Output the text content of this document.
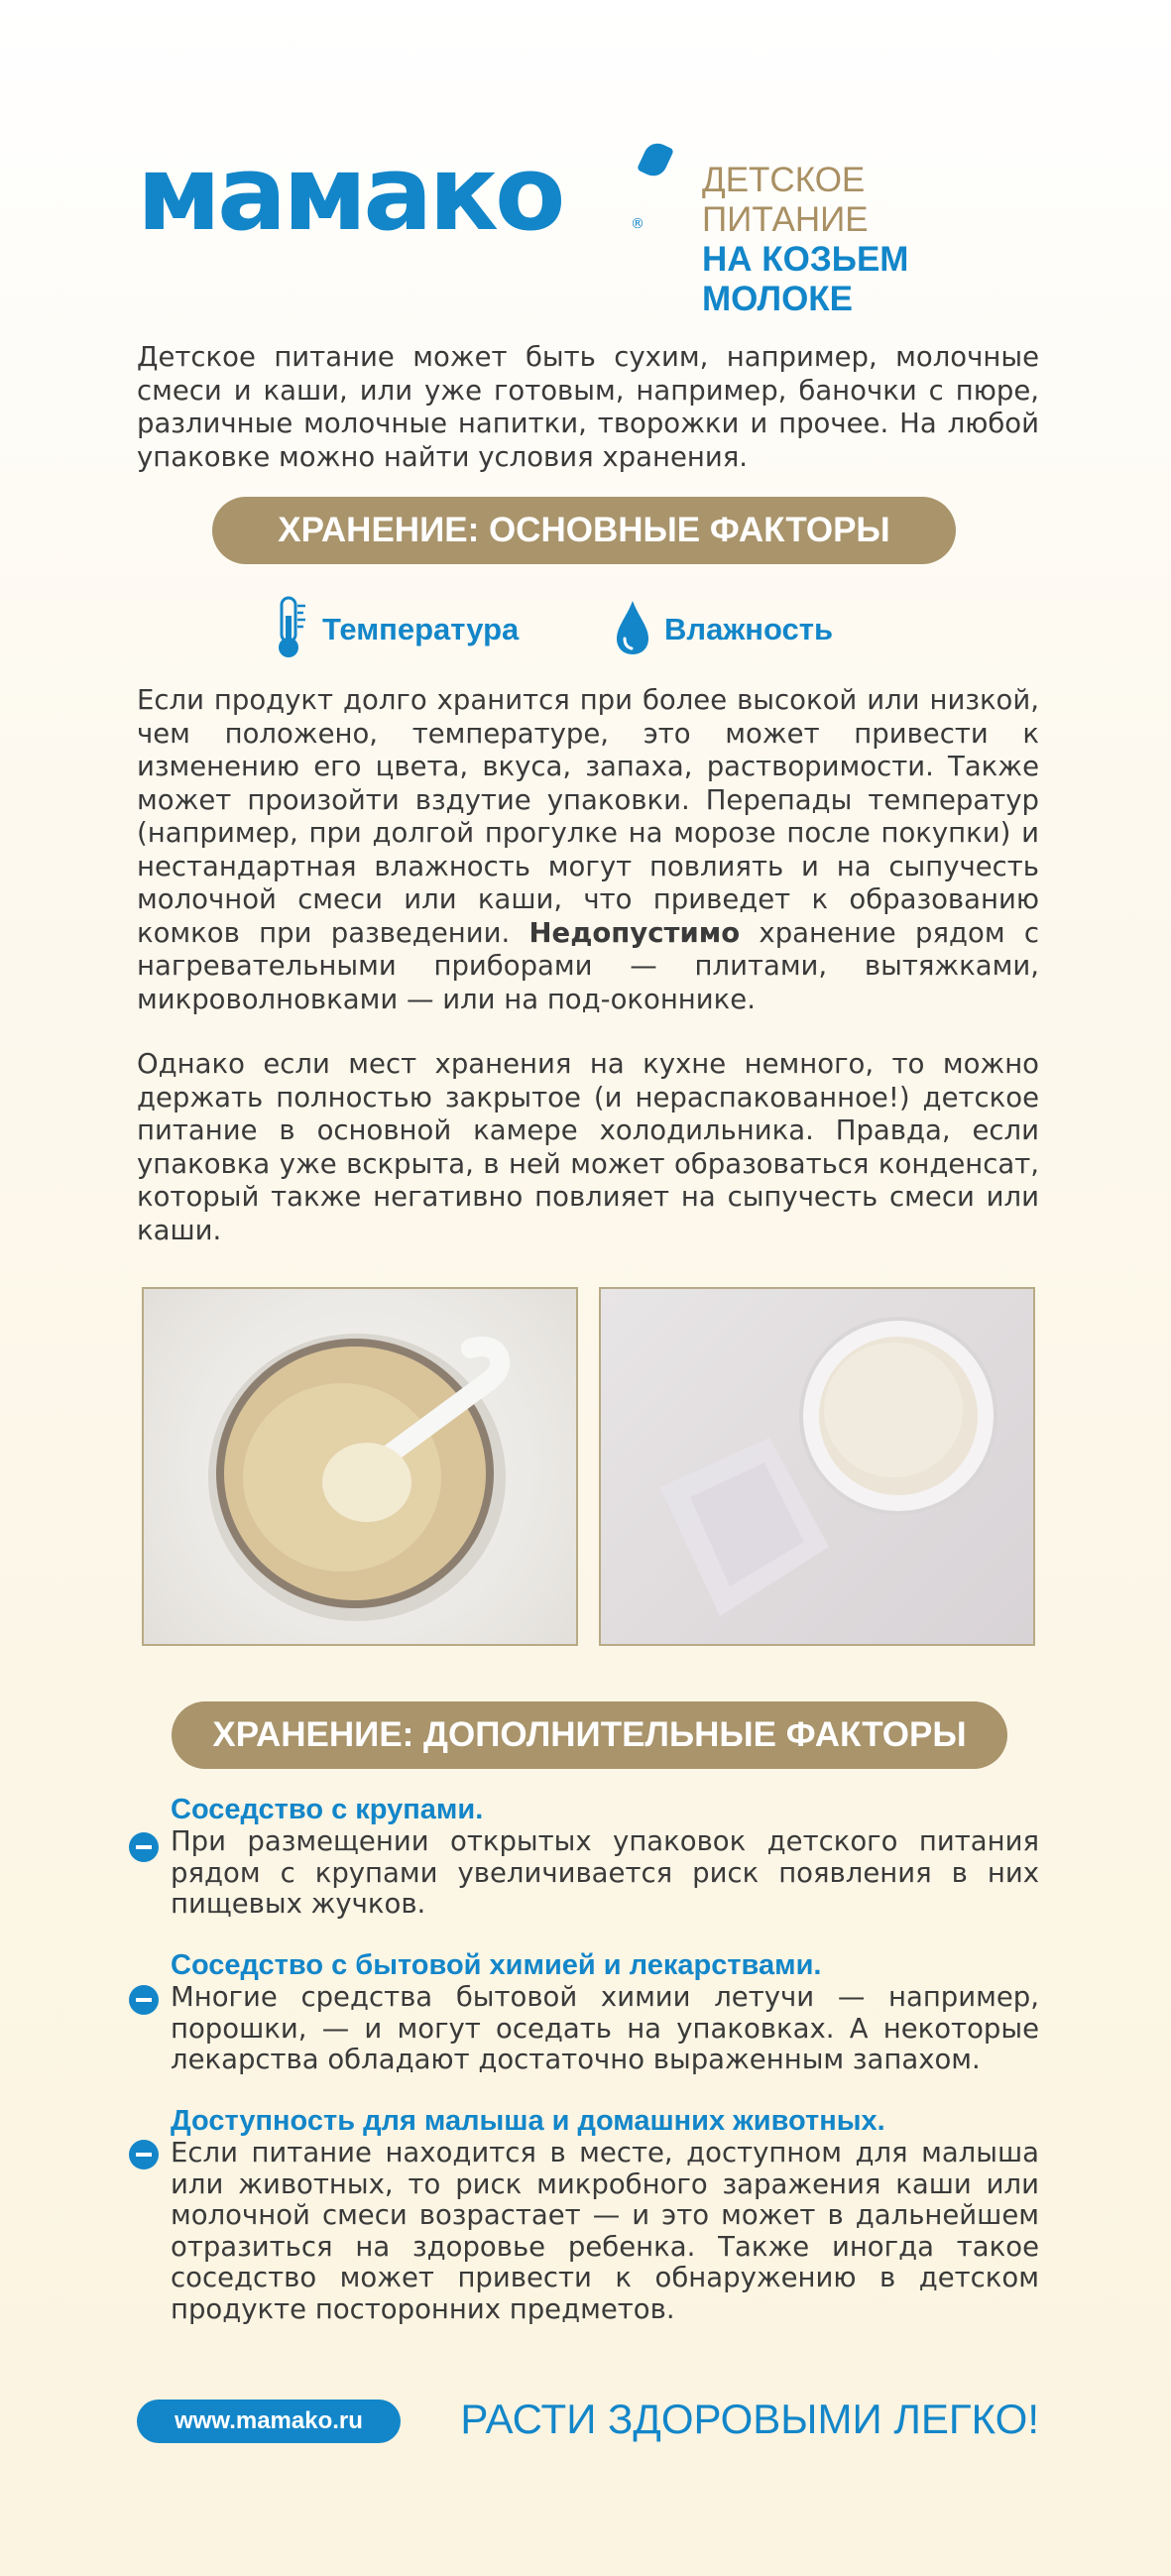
мамако	®
ДЕТСКОЕ ПИТАНИЕ
НА КОЗЬЕМ МОЛОКЕ

Детское питание может быть сухим, например, молочные смеси и каши, или уже готовым, например, баночки с пюре, различные молочные напитки, творожки и прочее. На любой упаковке можно найти условия хранения.

ХРАНЕНИЕ: ОСНОВНЫЕ ФАКТОРЫ
Температура	Влажность

Если продукт долго хранится при более высокой или низкой, чем положено, температуре, это может привести к изменению его цвета, вкуса, запаха, растворимости. Также может произойти вздутие упаковки. Перепады температур (например, при долгой прогулке на морозе после покупки) и нестандартная влажность могут повлиять и на сыпучесть молочной смеси или каши, что приведет к образованию комков при разведении. Недопустимо хранение рядом с нагревательными приборами — плитами, вытяжками, микроволновками — или на под-оконнике.

Однако если мест хранения на кухне немного, то можно держать полностью закрытое (и нераспакованное!) детское питание в основной камере холодильника. Правда, если упаковка уже вскрыта, в ней может образоваться конденсат, который также негативно повлияет на сыпучесть смеси или каши.

ХРАНЕНИЕ: ДОПОЛНИТЕЛЬНЫЕ ФАКТОРЫ
Соседство с крупами.
При размещении открытых упаковок детского питания рядом с крупами увеличивается риск появления в них пищевых жучков.
Соседство с бытовой химией и лекарствами.
Многие средства бытовой химии летучи — например, порошки, — и могут оседать на упаковках. А некоторые лекарства обладают достаточно выраженным запахом.
Доступность для малыша и домашних животных.
Если питание находится в месте, доступном для малыша или животных, то риск микробного заражения каши или молочной смеси возрастает — и это может в дальнейшем отразиться на здоровье ребенка. Также иногда такое соседство может привести к обнаружению в детском продукте посторонних предметов.
www.mamako.ru	РАСТИ ЗДОРОВЫМИ ЛЕГКО!
